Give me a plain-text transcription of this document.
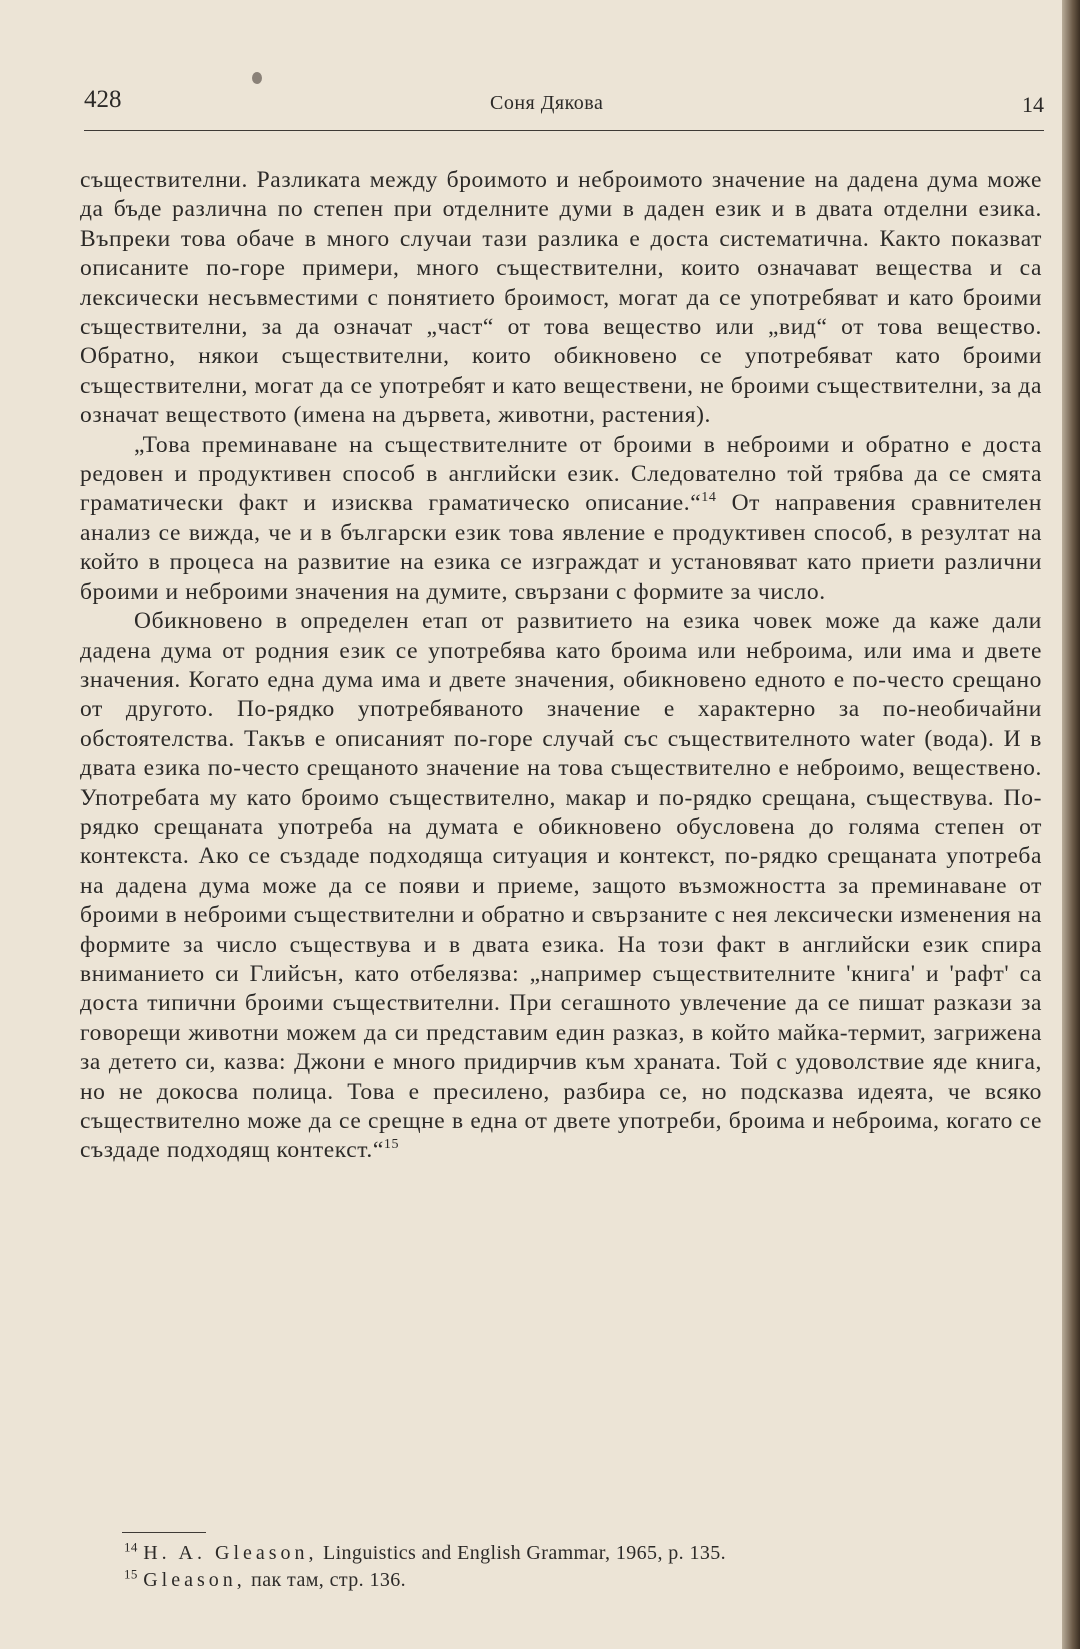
428	Соня Дякова	14

съществителни. Разликата между броимото и неброимото значение на дадена дума може да бъде различна по степен при отделните думи в даден език и в двата отделни езика. Въпреки това обаче в много случаи тази разлика е доста систематична. Както показват описаните по-горе примери, много съществителни, които означават вещества и са лексически несъвместими с понятието броимост, могат да се употребяват и като броими съществителни, за да означат „част“ от това вещество или „вид“ от това вещество. Обратно, някои съществителни, които обикновено се употребяват като броими съществителни, могат да се употребят и като веществени, не броими съществителни, за да означат веществото (имена на дървета, животни, растения).

„Това преминаване на съществителните от броими в неброими и обратно е доста редовен и продуктивен способ в английски език. Следователно той трябва да се смята граматически факт и изисква граматическо описание.“$^{14}$ От направения сравнителен анализ се вижда, че и в български език това явление е продуктивен способ, в резултат на който в процеса на развитие на езика се изграждат и установяват като приети различни броими и неброими значения на думите, свързани с формите за число.

Обикновено в определен етап от развитието на езика човек може да каже дали дадена дума от родния език се употребява като броима или неброима, или има и двете значения. Когато една дума има и двете значения, обикновено едното е по-често срещано от другото. По-рядко употребяваното значение е характерно за по-необичайни обстоятелства. Такъв е описаният по-горе случай със съществителното water (вода). И в двата езика по-често срещаното значение на това съществително е неброимо, веществено. Употребата му като броимо съществително, макар и по-рядко срещана, съществува. По-рядко срещаната употреба на думата е обикновено обусловена до голяма степен от контекста. Ако се създаде подходяща ситуация и контекст, по-рядко срещаната употреба на дадена дума може да се появи и приеме, защото възможността за преминаване от броими в неброими съществителни и обратно и свързаните с нея лексически изменения на формите за число съществува и в двата езика. На този факт в английски език спира вниманието си Глийсън, като отбелязва: „например съществителните 'книга' и 'рафт' са доста типични броими съществителни. При сегашното увлечение да се пишат разкази за говорещи животни можем да си представим един разказ, в който майка-термит, загрижена за детето си, казва: Джони е много придирчив към храната. Той с удоволствие яде книга, но не докосва полица. Това е пресилено, разбира се, но подсказва идеята, че всяко съществително може да се срещне в една от двете употреби, броима и неброима, когато се създаде подходящ контекст.“$^{15}$

$^{14}$ H. A. Gleason, Linguistics and English Grammar, 1965, p. 135.
$^{15}$ Gleason, пак там, стр. 136.
